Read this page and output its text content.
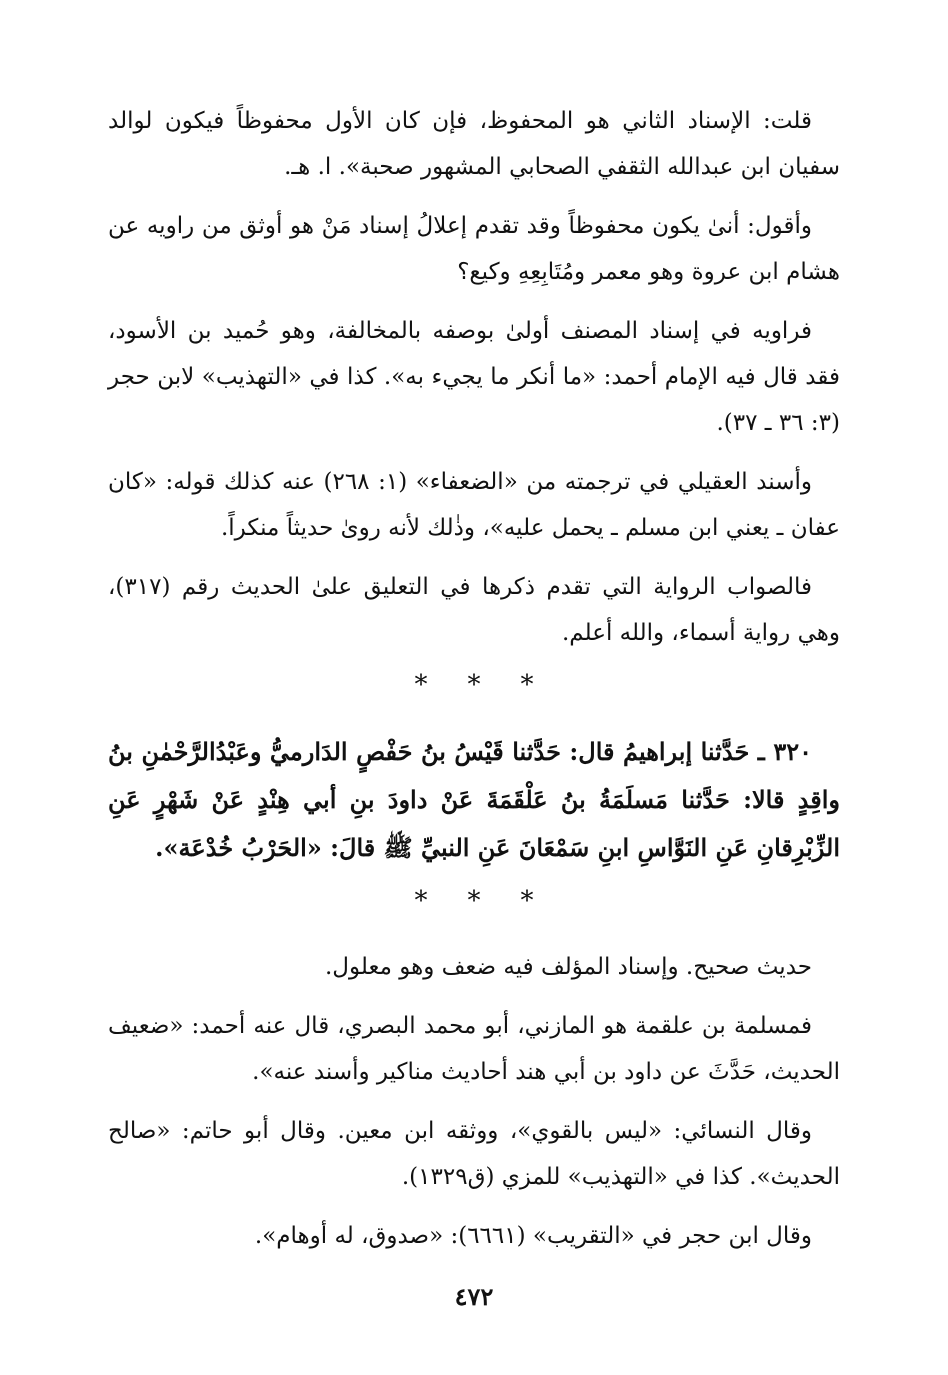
قلت: الإسناد الثاني هو المحفوظ، فإن كان الأول محفوظاً فيكون لوالد سفيان ابن عبدالله الثقفي الصحابي المشهور صحبة». ا. هـ.

وأقول: أنىٰ يكون محفوظاً وقد تقدم إعلالُ إسناد مَنْ هو أوثق من راويه عن هشام ابن عروة وهو معمر ومُتَابِعِهِ وكيع؟

فراويه في إسناد المصنف أولىٰ بوصفه بالمخالفة، وهو حُميد بن الأسود، فقد قال فيه الإمام أحمد: «ما أنكر ما يجيء به». كذا في «التهذيب» لابن حجر (٣: ٣٦ ـ ٣٧).

وأسند العقيلي في ترجمته من «الضعفاء» (١: ٢٦٨) عنه كذلك قوله: «كان عفان ـ يعني ابن مسلم ـ يحمل عليه»، وذٰلك لأنه روىٰ حديثاً منكراً.

فالصواب الرواية التي تقدم ذكرها في التعليق علىٰ الحديث رقم (٣١٧)، وهي رواية أسماء، والله أعلم.

***

٣٢٠ ـ حَدَّثنا إبراهيمُ قال: حَدَّثنا قَيْسُ بنُ حَفْصٍ الدَارميُّ وعَبْدُالرَّحْمٰنِ بنُ واقِدٍ قالا: حَدَّثنا مَسلَمَةُ بنُ عَلْقَمَةَ عَنْ داودَ بنِ أبي هِنْدٍ عَنْ شَهْرٍ عَنِ الزِّبْرِقانِ عَنِ النَوَّاسِ ابنِ سَمْعَانَ عَنِ النبيِّ ﷺ قالَ: «الحَرْبُ خُدْعَة».

***

حديث صحيح. وإسناد المؤلف فيه ضعف وهو معلول.

فمسلمة بن علقمة هو المازني، أبو محمد البصري، قال عنه أحمد: «ضعيف الحديث، حَدَّثَ عن داود بن أبي هند أحاديث مناكير وأسند عنه».

وقال النسائي: «ليس بالقوي»، ووثقه ابن معين. وقال أبو حاتم: «صالح الحديث». كذا في «التهذيب» للمزي (ق١٣٢٩).

وقال ابن حجر في «التقريب» (٦٦٦١): «صدوق، له أوهام».

٤٧٢
